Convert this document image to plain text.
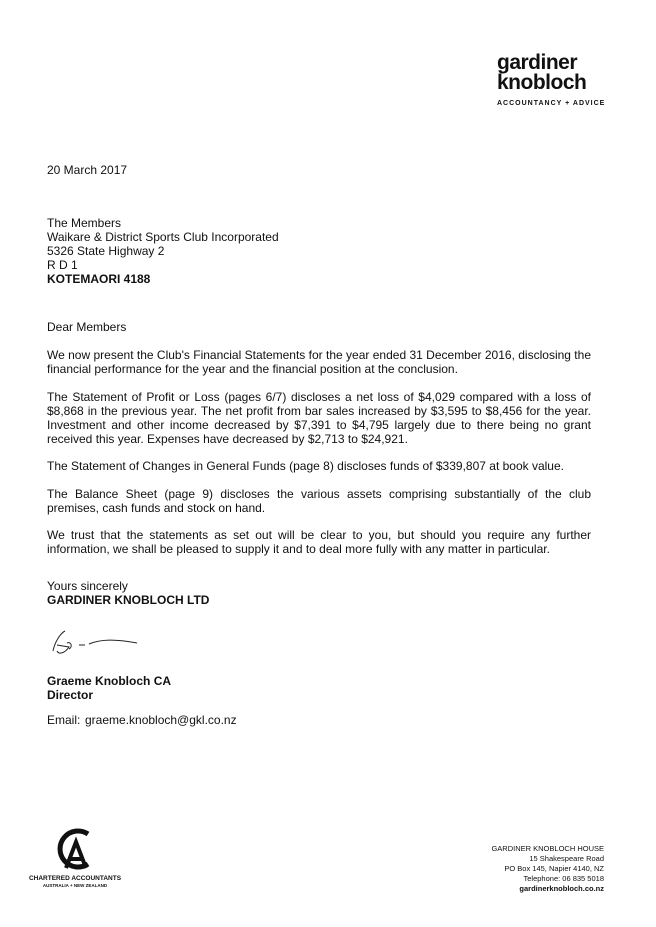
gardiner
knobloch
ACCOUNTANCY + ADVICE
20 March 2017
The Members
Waikare & District Sports Club Incorporated
5326 State Highway 2
R D 1
KOTEMAORI 4188
Dear Members
We now present the Club's Financial Statements for the year ended 31 December 2016, disclosing the financial performance for the year and the financial position at the conclusion.
The Statement of Profit or Loss (pages 6/7) discloses a net loss of $4,029 compared with a loss of $8,868 in the previous year. The net profit from bar sales increased by $3,595 to $8,456 for the year. Investment and other income decreased by $7,391 to $4,795 largely due to there being no grant received this year. Expenses have decreased by $2,713 to $24,921.
The Statement of Changes in General Funds (page 8) discloses funds of $339,807 at book value.
The Balance Sheet (page 9) discloses the various assets comprising substantially of the club premises, cash funds and stock on hand.
We trust that the statements as set out will be clear to you, but should you require any further information, we shall be pleased to supply it and to deal more fully with any matter in particular.
Yours sincerely
GARDINER KNOBLOCH LTD
Graeme Knobloch CA
Director
Email: graeme.knobloch@gkl.co.nz
CHARTERED ACCOUNTANTS
AUSTRALIA + NEW ZEALAND
GARDINER KNOBLOCH HOUSE
15 Shakespeare Road
PO Box 145, Napier 4140, NZ
Telephone: 06 835 5018
gardinerknobloch.co.nz
